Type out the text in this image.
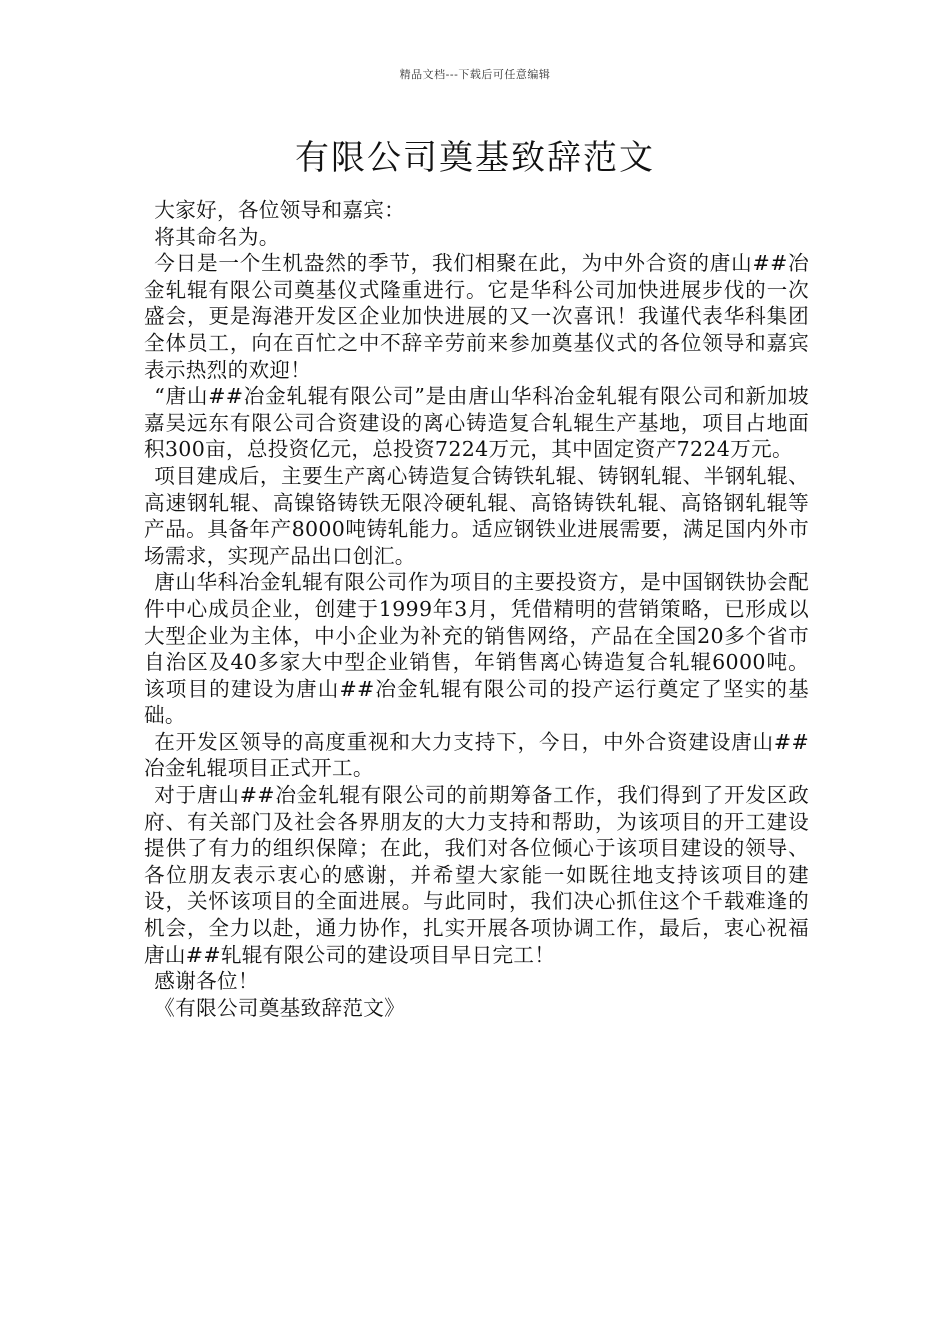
精品文档---下载后可任意编辑
有限公司奠基致辞范文

大家好，各位领导和嘉宾：

将其命名为。

今日是一个生机盎然的季节，我们相聚在此，为中外合资的唐山##冶金轧辊有限公司奠基仪式隆重进行。它是华科公司加快进展步伐的一次盛会，更是海港开发区企业加快进展的又一次喜讯！我谨代表华科集团全体员工，向在百忙之中不辞辛劳前来参加奠基仪式的各位领导和嘉宾表示热烈的欢迎！

“唐山##冶金轧辊有限公司”是由唐山华科冶金轧辊有限公司和新加坡嘉吴远东有限公司合资建设的离心铸造复合轧辊生产基地，项目占地面积300亩，总投资亿元，总投资7224万元，其中固定资产7224万元。

项目建成后，主要生产离心铸造复合铸铁轧辊、铸钢轧辊、半钢轧辊、高速钢轧辊、高镍铬铸铁无限冷硬轧辊、高铬铸铁轧辊、高铬钢轧辊等产品。具备年产8000吨铸轧能力。适应钢铁业进展需要，满足国内外市场需求，实现产品出口创汇。

唐山华科冶金轧辊有限公司作为项目的主要投资方，是中国钢铁协会配件中心成员企业，创建于1999年3月，凭借精明的营销策略，已形成以大型企业为主体，中小企业为补充的销售网络，产品在全国20多个省市自治区及40多家大中型企业销售，年销售离心铸造复合轧辊6000吨。该项目的建设为唐山##冶金轧辊有限公司的投产运行奠定了坚实的基础。

在开发区领导的高度重视和大力支持下，今日，中外合资建设唐山##冶金轧辊项目正式开工。

对于唐山##冶金轧辊有限公司的前期筹备工作，我们得到了开发区政府、有关部门及社会各界朋友的大力支持和帮助，为该项目的开工建设提供了有力的组织保障；在此，我们对各位倾心于该项目建设的领导、各位朋友表示衷心的感谢，并希望大家能一如既往地支持该项目的建设，关怀该项目的全面进展。与此同时，我们决心抓住这个千载难逢的机会，全力以赴，通力协作，扎实开展各项协调工作，最后，衷心祝福唐山##轧辊有限公司的建设项目早日完工！

感谢各位！

《有限公司奠基致辞范文》
